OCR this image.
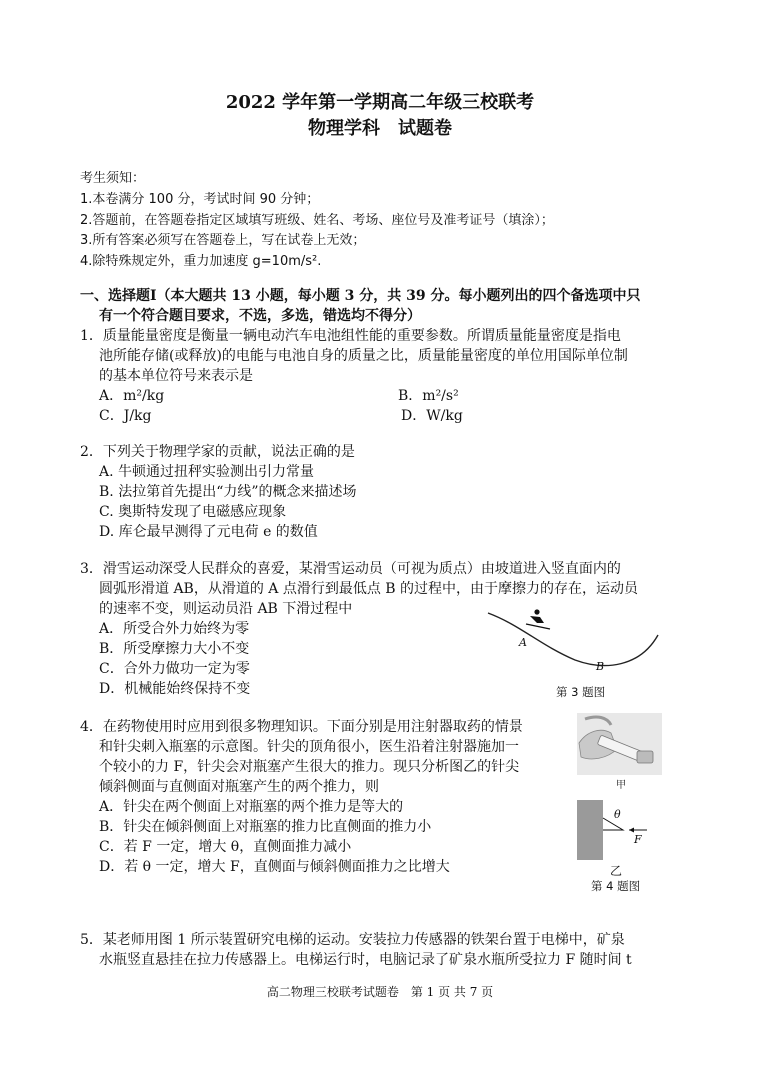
2022 学年第一学期高二年级三校联考
物理学科　试题卷
考生须知：
1.本卷满分 100 分，考试时间 90 分钟；
2.答题前，在答题卷指定区域填写班级、姓名、考场、座位号及准考证号（填涂）；
3.所有答案必须写在答题卷上，写在试卷上无效；
4.除特殊规定外，重力加速度 g=10m/s².
一、选择题Ⅰ（本大题共 13 小题，每小题 3 分，共 39 分。每小题列出的四个备选项中只
有一个符合题目要求，不选，多选，错选均不得分）
1．质量能量密度是衡量一辆电动汽车电池组性能的重要参数。所谓质量能量密度是指电
池所能存储(或释放)的电能与电池自身的质量之比，质量能量密度的单位用国际单位制
的基本单位符号来表示是
A．m²/kg	B．m²/s²
C．J/kg	D．W/kg
2．下列关于物理学家的贡献，说法正确的是
A. 牛顿通过扭秤实验测出引力常量
B. 法拉第首先提出“力线”的概念来描述场
C. 奥斯特发现了电磁感应现象
D. 库仑最早测得了元电荷 e 的数值
3．滑雪运动深受人民群众的喜爱，某滑雪运动员（可视为质点）由坡道进入竖直面内的
圆弧形滑道 AB，从滑道的 A 点滑行到最低点 B 的过程中，由于摩擦力的存在，运动员
的速率不变，则运动员沿 AB 下滑过程中
A．所受合外力始终为零
B．所受摩擦力大小不变
C．合外力做功一定为零
D．机械能始终保持不变
A
B
第 3 题图
4．在药物使用时应用到很多物理知识。下面分别是用注射器取药的情景
和针尖刺入瓶塞的示意图。针尖的顶角很小，医生沿着注射器施加一
个较小的力 F，针尖会对瓶塞产生很大的推力。现只分析图乙的针尖
倾斜侧面与直侧面对瓶塞产生的两个推力，则
A．针尖在两个侧面上对瓶塞的两个推力是等大的
B．针尖在倾斜侧面上对瓶塞的推力比直侧面的推力小
C．若 F 一定，增大 θ，直侧面推力减小
D．若 θ 一定，增大 F，直侧面与倾斜侧面推力之比增大
甲
θ
F
乙
第 4 题图
5．某老师用图 1 所示装置研究电梯的运动。安装拉力传感器的铁架台置于电梯中，矿泉
水瓶竖直悬挂在拉力传感器上。电梯运行时，电脑记录了矿泉水瓶所受拉力 F 随时间 t
高二物理三校联考试题卷　第 1 页 共 7 页
